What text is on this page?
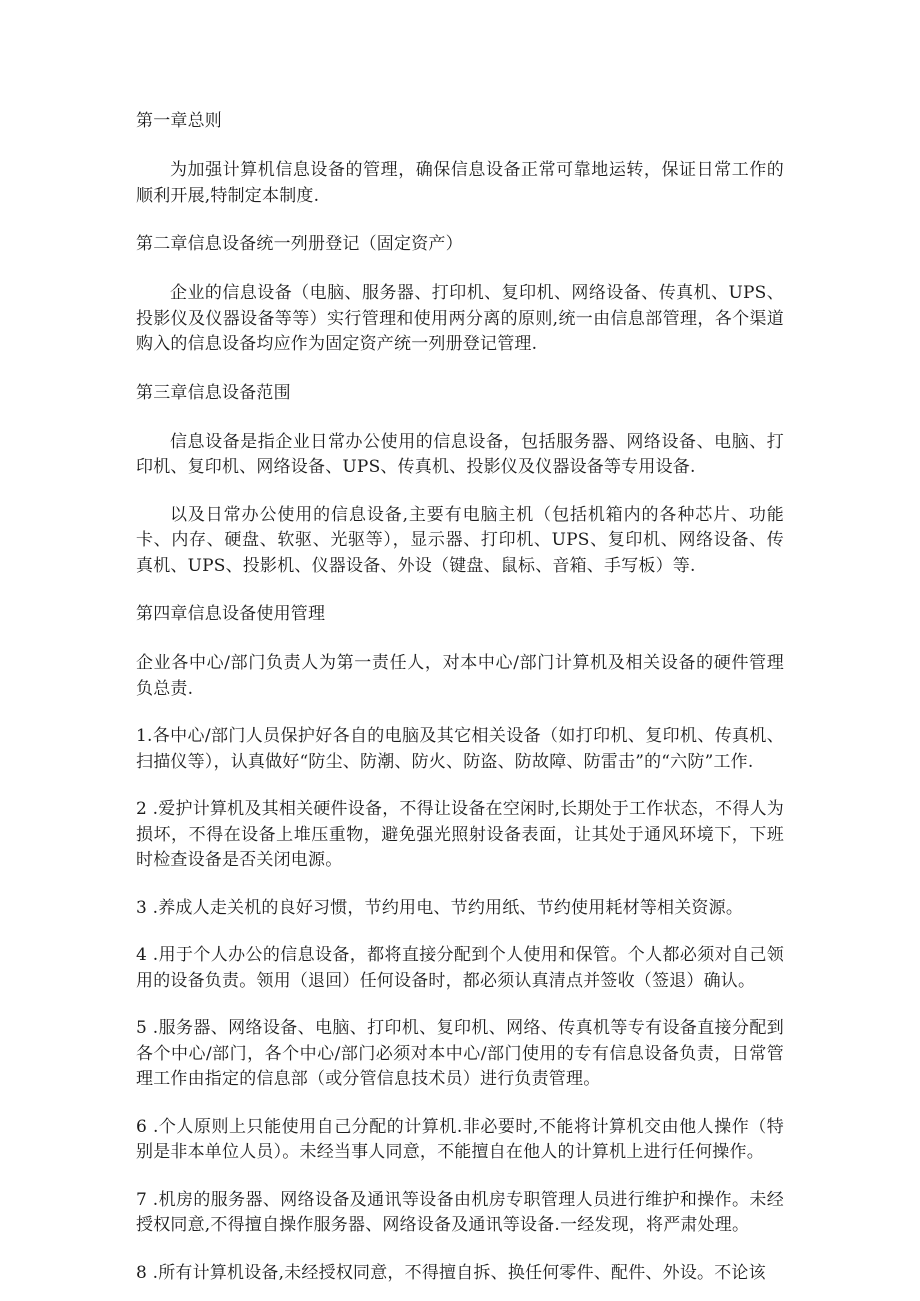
第一章总则

为加强计算机信息设备的管理，确保信息设备正常可靠地运转，保证日常工作的顺利开展,特制定本制度.

第二章信息设备统一列册登记（固定资产）

企业的信息设备（电脑、服务器、打印机、复印机、网络设备、传真机、UPS、投影仪及仪器设备等等）实行管理和使用两分离的原则,统一由信息部管理，各个渠道购入的信息设备均应作为固定资产统一列册登记管理.

第三章信息设备范围

信息设备是指企业日常办公使用的信息设备，包括服务器、网络设备、电脑、打印机、复印机、网络设备、UPS、传真机、投影仪及仪器设备等专用设备.

以及日常办公使用的信息设备,主要有电脑主机（包括机箱内的各种芯片、功能卡、内存、硬盘、软驱、光驱等），显示器、打印机、UPS、复印机、网络设备、传真机、UPS、投影机、仪器设备、外设（键盘、鼠标、音箱、手写板）等.

第四章信息设备使用管理

企业各中心/部门负责人为第一责任人，对本中心/部门计算机及相关设备的硬件管理负总责.

1.各中心/部门人员保护好各自的电脑及其它相关设备（如打印机、复印机、传真机、扫描仪等），认真做好“防尘、防潮、防火、防盗、防故障、防雷击”的“六防”工作.

2 .爱护计算机及其相关硬件设备，不得让设备在空闲时,长期处于工作状态，不得人为损坏，不得在设备上堆压重物，避免强光照射设备表面，让其处于通风环境下，下班时检查设备是否关闭电源。

3 .养成人走关机的良好习惯，节约用电、节约用纸、节约使用耗材等相关资源。

4 .用于个人办公的信息设备，都将直接分配到个人使用和保管。个人都必须对自己领用的设备负责。领用（退回）任何设备时，都必须认真清点并签收（签退）确认。

5 .服务器、网络设备、电脑、打印机、复印机、网络、传真机等专有设备直接分配到各个中心/部门，各个中心/部门必须对本中心/部门使用的专有信息设备负责，日常管理工作由指定的信息部（或分管信息技术员）进行负责管理。

6 .个人原则上只能使用自己分配的计算机.非必要时,不能将计算机交由他人操作（特别是非本单位人员）。未经当事人同意，不能擅自在他人的计算机上进行任何操作。

7 .机房的服务器、网络设备及通讯等设备由机房专职管理人员进行维护和操作。未经授权同意,不得擅自操作服务器、网络设备及通讯等设备.一经发现，将严肃处理。

8 .所有计算机设备,未经授权同意，不得擅自拆、换任何零件、配件、外设。不论该
